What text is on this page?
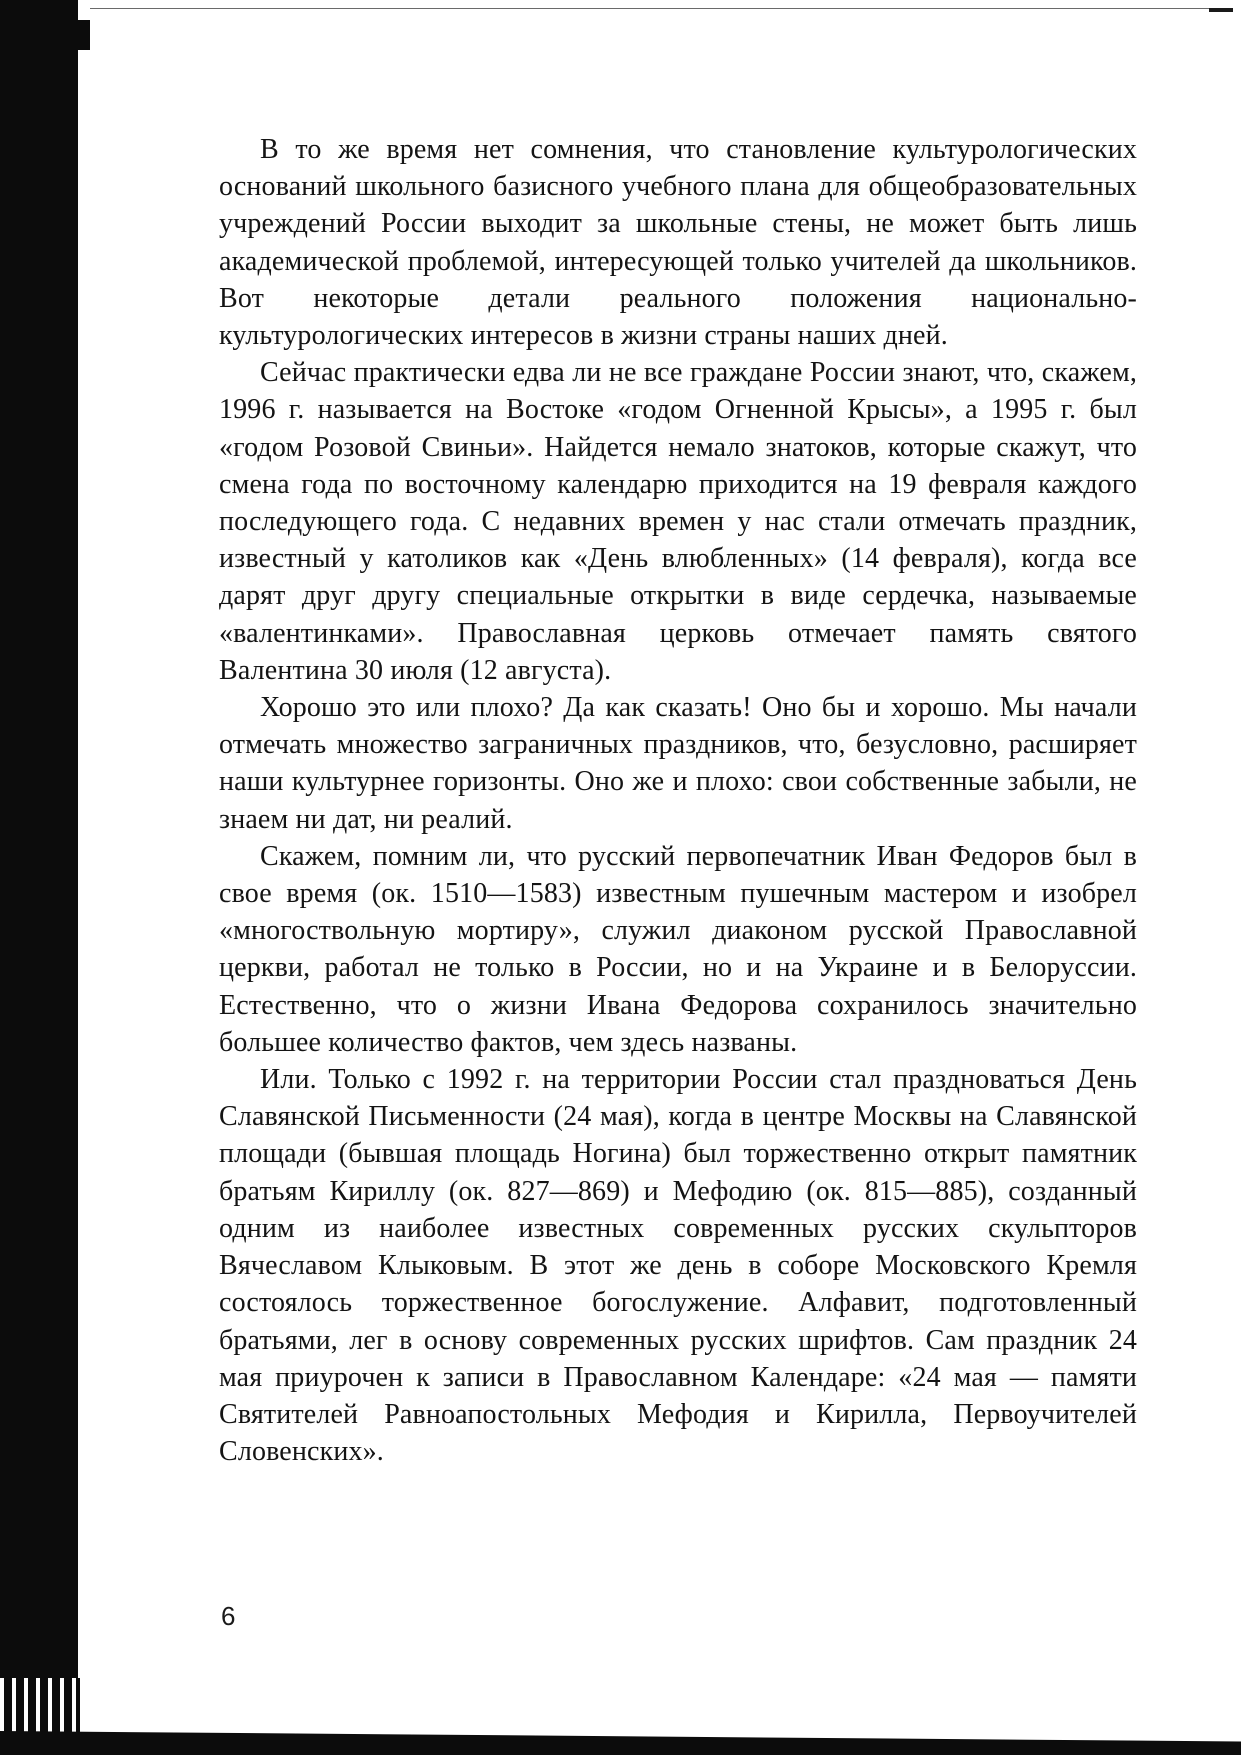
В то же время нет сомнения, что становление культурологических оснований школьного базисного учебного плана для общеобразовательных учреждений России выходит за школьные стены, не может быть лишь академической проблемой, интересующей только учителей да школьников. Вот некоторые детали реального положения национально-культурологических интересов в жизни страны наших дней.

Сейчас практически едва ли не все граждане России знают, что, скажем, 1996 г. называется на Востоке «годом Огненной Крысы», а 1995 г. был «годом Розовой Свиньи». Найдется немало знатоков, которые скажут, что смена года по восточному календарю приходится на 19 февраля каждого последующего года. С недавних времен у нас стали отмечать праздник, известный у католиков как «День влюбленных» (14 февраля), когда все дарят друг другу специальные открытки в виде сердечка, называемые «валентинками». Православная церковь отмечает память святого Валентина 30 июля (12 августа).

Хорошо это или плохо? Да как сказать! Оно бы и хорошо. Мы начали отмечать множество заграничных праздников, что, безусловно, расширяет наши культурнее горизонты. Оно же и плохо: свои собственные забыли, не знаем ни дат, ни реалий.

Скажем, помним ли, что русский первопечатник Иван Федоров был в свое время (ок. 1510—1583) известным пушечным мастером и изобрел «многоствольную мортиру», служил диаконом русской Православной церкви, работал не только в России, но и на Украине и в Белоруссии. Естественно, что о жизни Ивана Федорова сохранилось значительно большее количество фактов, чем здесь названы.

Или. Только с 1992 г. на территории России стал праздноваться День Славянской Письменности (24 мая), когда в центре Москвы на Славянской площади (бывшая площадь Ногина) был торжественно открыт памятник братьям Кириллу (ок. 827—869) и Мефодию (ок. 815—885), созданный одним из наиболее известных современных русских скульпторов Вячеславом Клыковым. В этот же день в соборе Московского Кремля состоялось торжественное богослужение. Алфавит, подготовленный братьями, лег в основу современных русских шрифтов. Сам праздник 24 мая приурочен к записи в Православном Календаре: «24 мая — памяти Святителей Равноапостольных Мефодия и Кирилла, Первоучителей Словенских».

6
